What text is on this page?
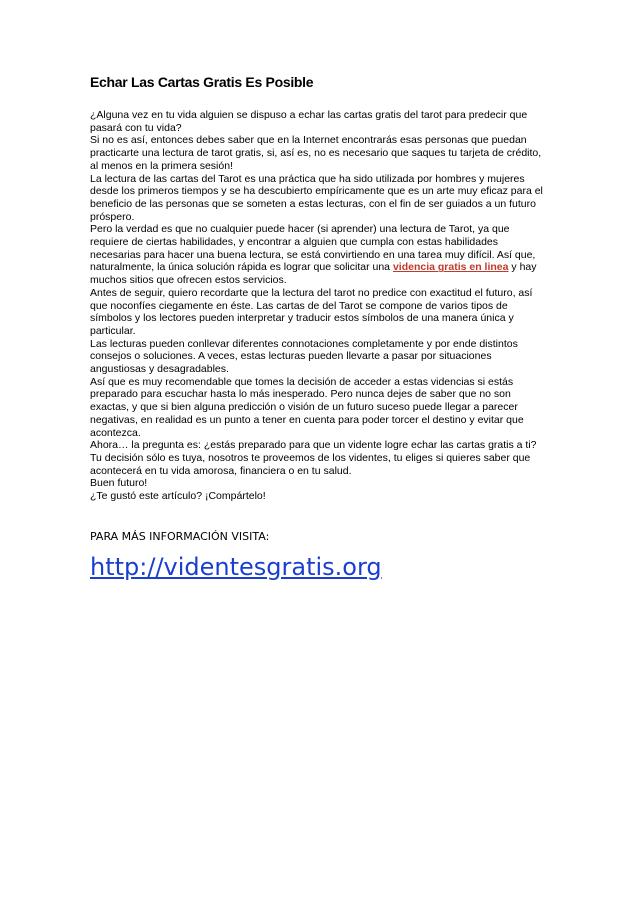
Echar Las Cartas Gratis Es Posible

¿Alguna vez en tu vida alguien se dispuso a echar las cartas gratis del tarot para predecir que pasará con tu vida?

Si no es así, entonces debes saber que en la Internet encontrarás esas personas que puedan practicarte una lectura de tarot gratis, si, así es, no es necesario que saques tu tarjeta de crédito, al menos en la primera sesión!

La lectura de las cartas del Tarot es una práctica que ha sido utilizada por hombres y mujeres desde los primeros tiempos y se ha descubierto empíricamente que es un arte muy eficaz para el beneficio de las personas que se someten a estas lecturas, con el fin de ser guiados a un futuro próspero.

Pero la verdad es que no cualquier puede hacer (si aprender) una lectura de Tarot, ya que requiere de ciertas habilidades, y encontrar a alguien que cumpla con estas habilidades necesarias para hacer una buena lectura, se está convirtiendo en una tarea muy difícil. Así que, naturalmente, la única solución rápida es lograr que solicitar una videncia gratis en linea y hay muchos sitios que ofrecen estos servicios.

Antes de seguir, quiero recordarte que la lectura del tarot no predice con exactitud el futuro, así que noconfíes ciegamente en éste. Las cartas de del Tarot se compone de varios tipos de símbolos y los lectores pueden interpretar y traducir estos símbolos de una manera única y particular.

Las lecturas pueden conllevar diferentes connotaciones completamente y por ende distintos consejos o soluciones. A veces, estas lecturas pueden llevarte a pasar por situaciones angustiosas y desagradables.

Así que es muy recomendable que tomes la decisión de acceder a estas videncias si estás preparado para escuchar hasta lo más inesperado. Pero nunca dejes de saber que no son exactas, y que si bien alguna predicción o visión de un futuro suceso puede llegar a parecer negativas, en realidad es un punto a tener en cuenta para poder torcer el destino y evitar que acontezca.

Ahora… la pregunta es: ¿estás preparado para que un vidente logre echar las cartas gratis a ti?

Tu decisión sólo es tuya, nosotros te proveemos de los videntes, tu eliges si quieres saber que acontecerá en tu vida amorosa, financiera o en tu salud.

Buen futuro!

¿Te gustó este artículo? ¡Compártelo!

PARA MÁS INFORMACIÓN VISITA:
http://videntesgratis.org
